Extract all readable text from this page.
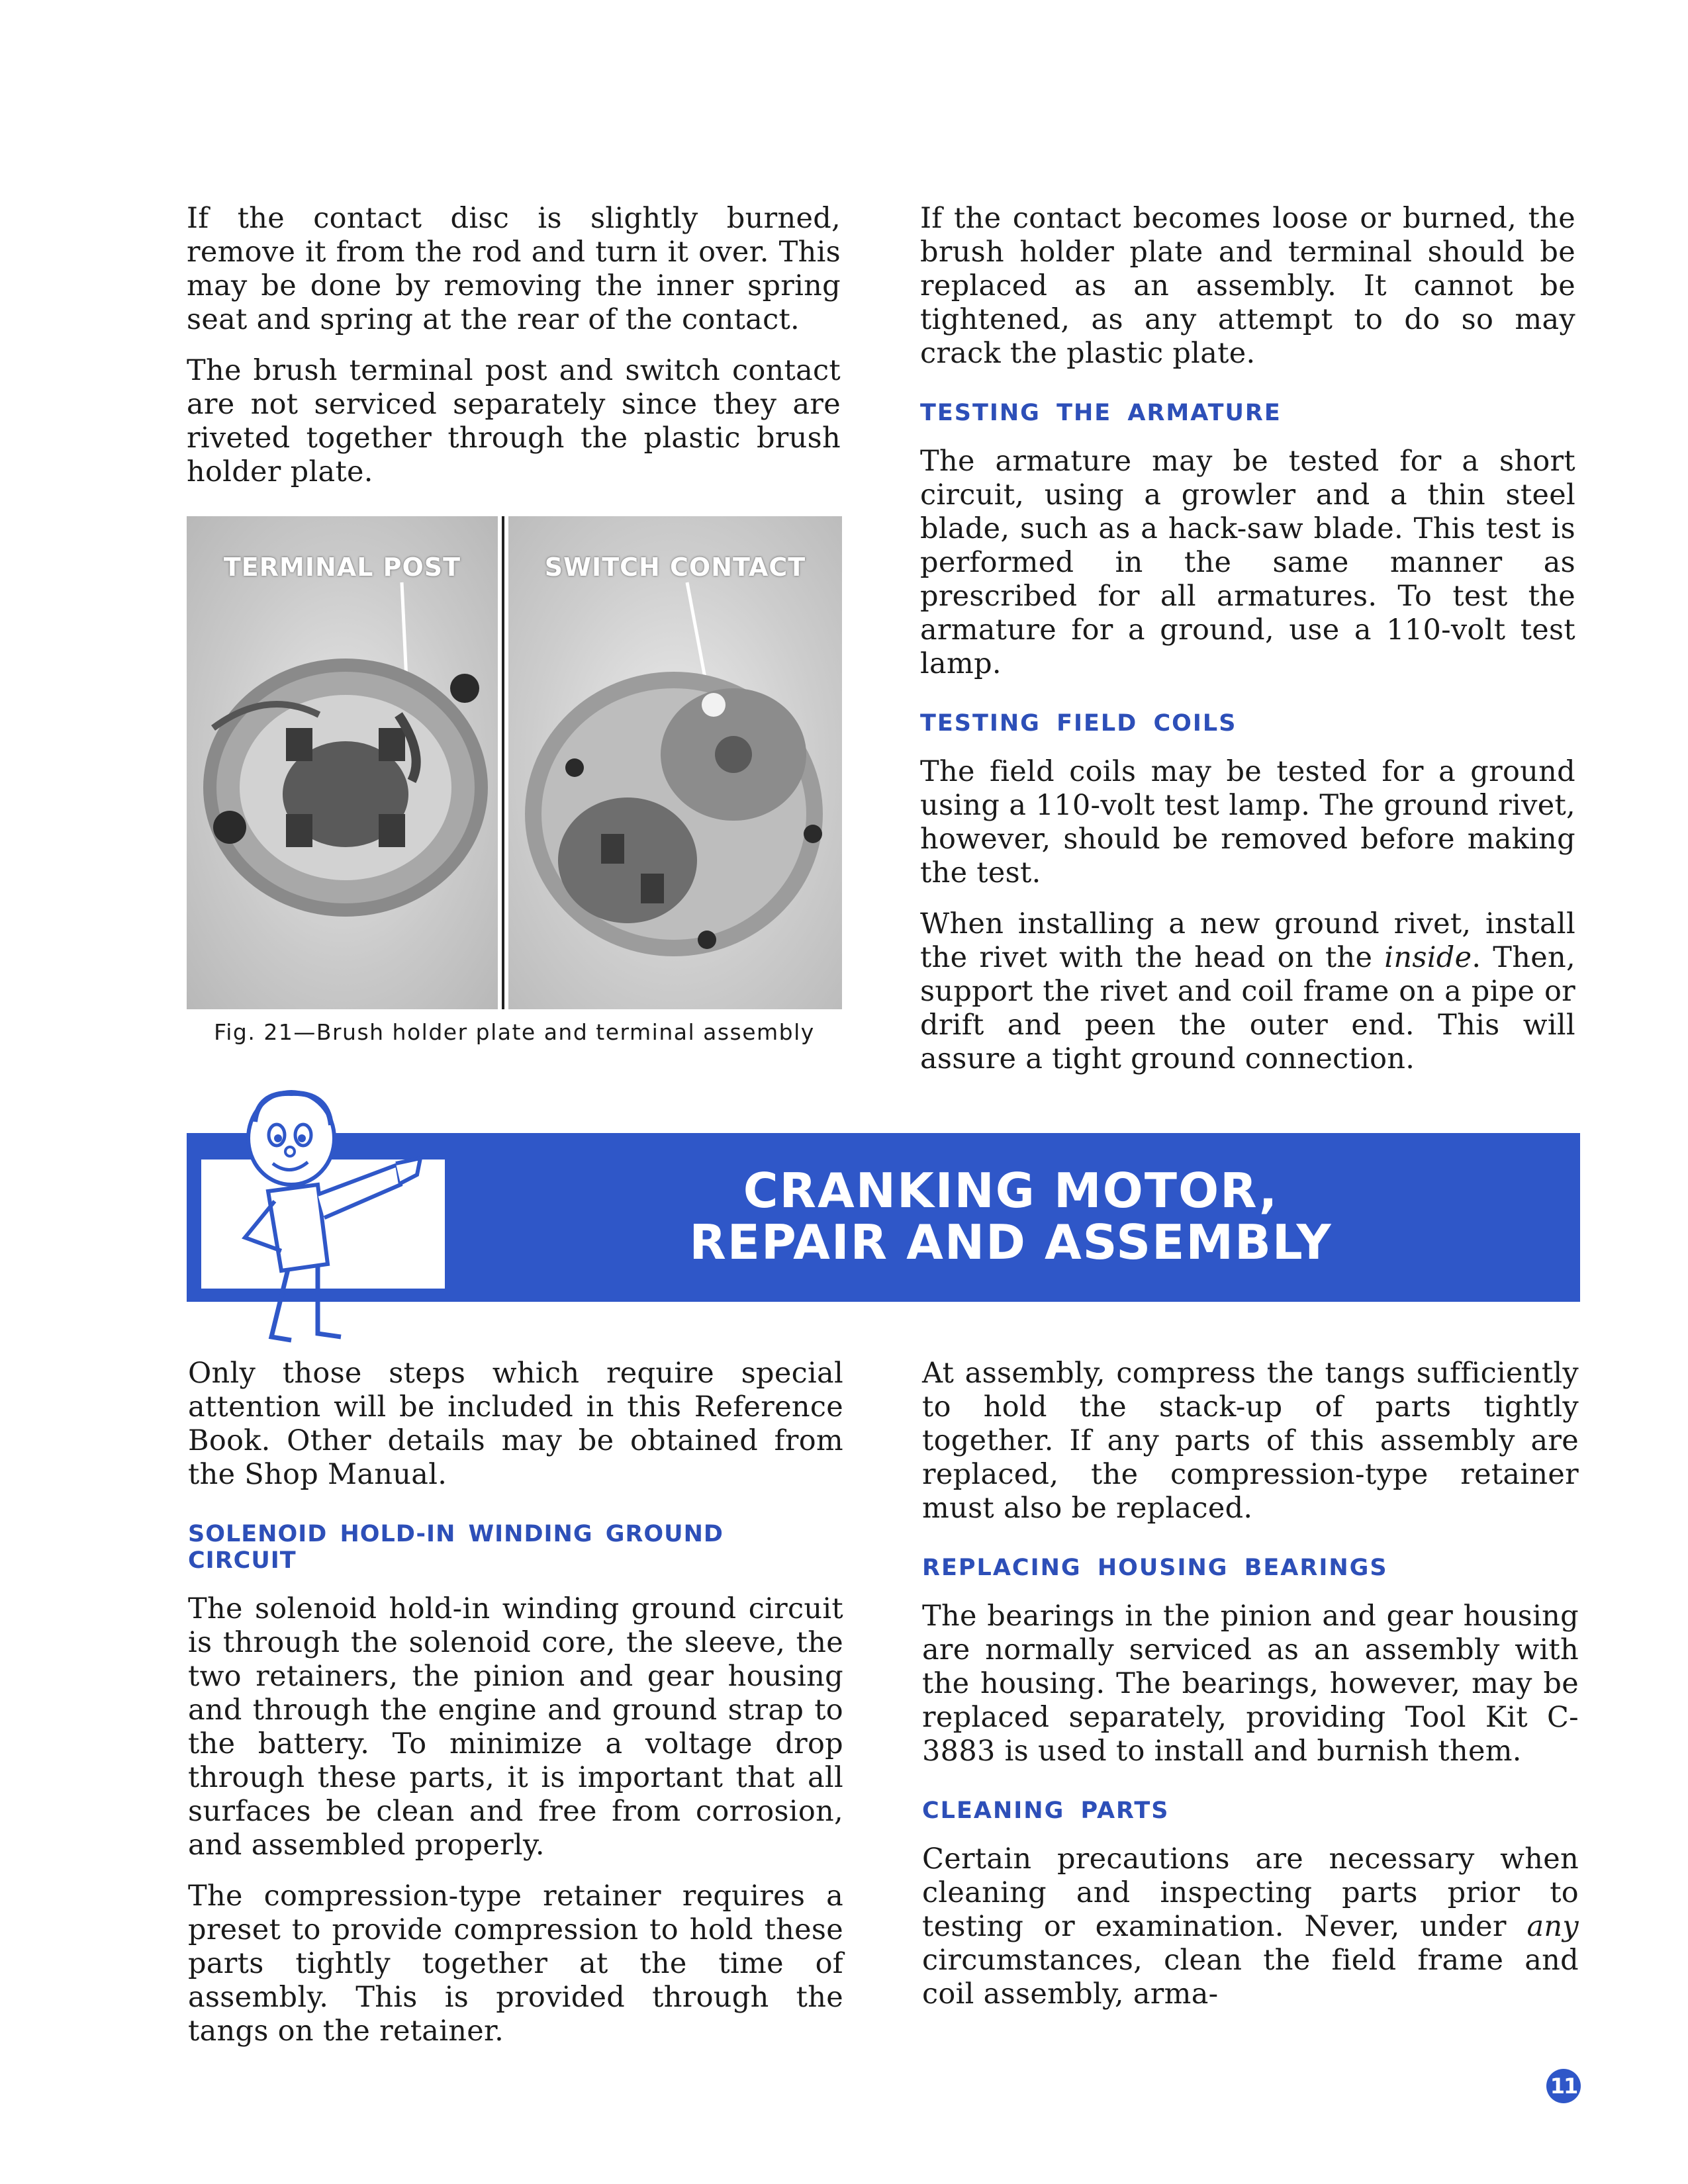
If the contact disc is slightly burned, remove it from the rod and turn it over. This may be done by removing the inner spring seat and spring at the rear of the contact.

The brush terminal post and switch contact are not serviced separately since they are riveted together through the plastic brush holder plate.

TERMINAL POST	SWITCH CONTACT
Fig. 21—Brush holder plate and terminal assembly

If the contact becomes loose or burned, the brush holder plate and terminal should be replaced as an assembly. It cannot be tightened, as any attempt to do so may crack the plastic plate.

TESTING THE ARMATURE

The armature may be tested for a short circuit, using a growler and a thin steel blade, such as a hack-saw blade. This test is performed in the same manner as prescribed for all armatures. To test the armature for a ground, use a 110-volt test lamp.

TESTING FIELD COILS

The field coils may be tested for a ground using a 110-volt test lamp. The ground rivet, however, should be removed before making the test.

When installing a new ground rivet, install the rivet with the head on the inside. Then, support the rivet and coil frame on a pipe or drift and peen the outer end. This will assure a tight ground connection.

CRANKING MOTOR,
REPAIR AND ASSEMBLY

Only those steps which require special attention will be included in this Reference Book. Other details may be obtained from the Shop Manual.

SOLENOID HOLD-IN WINDING GROUND CIRCUIT

The solenoid hold-in winding ground circuit is through the solenoid core, the sleeve, the two retainers, the pinion and gear housing and through the engine and ground strap to the battery. To minimize a voltage drop through these parts, it is important that all surfaces be clean and free from corrosion, and assembled properly.

The compression-type retainer requires a preset to provide compression to hold these parts tightly together at the time of assembly. This is provided through the tangs on the retainer.

At assembly, compress the tangs sufficiently to hold the stack-up of parts tightly together. If any parts of this assembly are replaced, the compression-type retainer must also be replaced.

REPLACING HOUSING BEARINGS

The bearings in the pinion and gear housing are normally serviced as an assembly with the housing. The bearings, however, may be replaced separately, providing Tool Kit C-3883 is used to install and burnish them.

CLEANING PARTS

Certain precautions are necessary when cleaning and inspecting parts prior to testing or examination. Never, under any circumstances, clean the field frame and coil assembly, arma-

11
